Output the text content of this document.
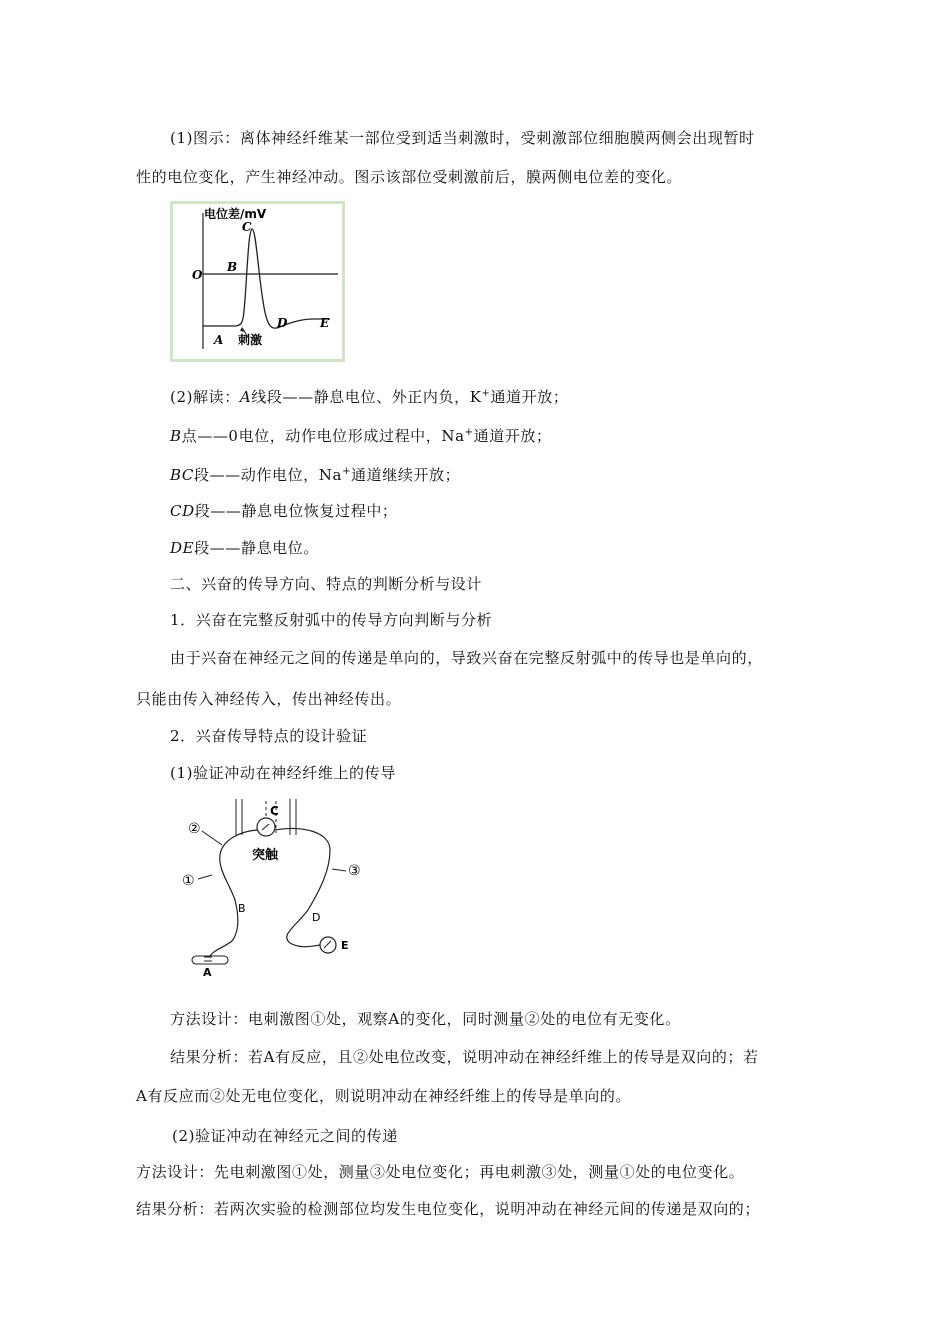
(1)图示：离体神经纤维某一部位受到适当刺激时，受刺激部位细胞膜两侧会出现暂时
性的电位变化，产生神经冲动。图示该部位受刺激前后，膜两侧电位差的变化。
电位差/mV
O
B
C
D	E
A 刺激
(2)解读：A线段——静息电位、外正内负，K+通道开放；
B点——0电位，动作电位形成过程中，Na+通道开放；
BC段——动作电位，Na+通道继续开放；
CD段——静息电位恢复过程中；
DE段——静息电位。
二、兴奋的传导方向、特点的判断分析与设计
1．兴奋在完整反射弧中的传导方向判断与分析
由于兴奋在神经元之间的传递是单向的，导致兴奋在完整反射弧中的传导也是单向的，
只能由传入神经传入，传出神经传出。
2．兴奋传导特点的设计验证
(1)验证冲动在神经纤维上的传导
C
A
E
B
D
②
①
③
突触
方法设计：电刺激图①处，观察A的变化，同时测量②处的电位有无变化。
结果分析：若A有反应，且②处电位改变，说明冲动在神经纤维上的传导是双向的；若
A有反应而②处无电位变化，则说明冲动在神经纤维上的传导是单向的。
(2)验证冲动在神经元之间的传递
方法设计：先电刺激图①处，测量③处电位变化；再电刺激③处，测量①处的电位变化。
结果分析：若两次实验的检测部位均发生电位变化，说明冲动在神经元间的传递是双向的；
